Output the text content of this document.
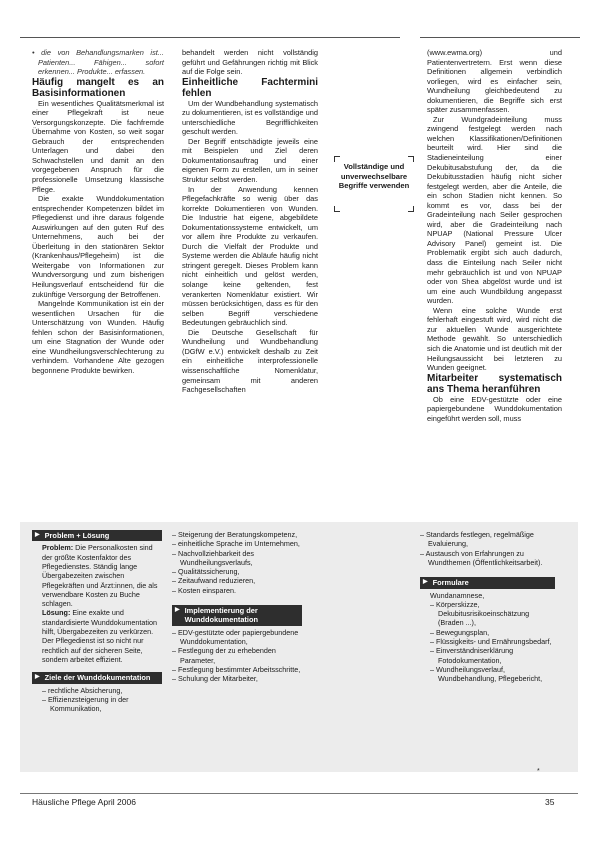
• die von Behandlungsmarken ist... Patienten... Fähigen... sofort erkennen... Produkte... erfassen.

Häufig mangelt es an Basisinformationen

Ein wesentliches Qualitätsmerkmal ist einer Pflegekraft ist neue Versorgungskonzepte. Die fachfremde Übernahme von Kosten, so weit sogar Gebrauch der entsprechenden Unterlagen und dabei den Schwachstellen und damit an den vorgegebenen Anspruch für die professionelle Umsetzung klassische Pflege.

Die exakte Wunddokumentation entsprechender Kompetenzen bildet im Pflegedienst und ihre daraus folgende Auswirkungen auf den guten Ruf des Unternehmens, auch bei der Überleitung in den stationären Sektor (Krankenhaus/Pflegeheim) ist die Weitergabe von Informationen zur Wundversorgung und zum bisherigen Heilungsverlauf entscheidend für die zukünftige Versorgung der Betroffenen.

Mangelnde Kommunikation ist ein der wesentlichen Ursachen für die Unterschätzung von Wunden. Häufig fehlen schon der Basisinformationen, um eine Stagnation der Wunde oder eine Wundheilungsverschlechterung zu verhindern. Vorhandene Alte gezogen begonnene Produkte bewirken.

behandelt werden nicht vollständig geführt und Gefährungen richtig mit Blick auf die Folge sein.

Einheitliche Fachtermini fehlen

Um der Wundbehandlung systematisch zu dokumentieren, ist es vollständige und unterschiedliche Begrifflichkeiten geschult werden.

Der Begriff entschädigte jeweils eine mit Beispielen und Ziel deren Dokumentationsauftrag und einer eigenen Form zu erstellen, um in seiner Struktur selbst werden.

In der Anwendung kennen Pflegefachkräfte so wenig über das korrekte Dokumentieren von Wunden. Die Industrie hat eigene, abgebildete Dokumentationssysteme entwickelt, um vor allem ihre Produkte zu verkaufen. Durch die Vielfalt der Produkte und Systeme werden die Abläufe häufig nicht stringent geregelt. Dieses Problem kann nicht einheitlich und gelöst werden, solange keine geltenden, fest verankerten Nomenklatur existiert. Wir müssen berücksichtigen, dass es für den selben Begriff verschiedene Bedeutungen gebräuchlich sind.

Die Deutsche Gesellschaft für Wundheilung und Wundbehandlung (DGfW e.V.) entwickelt deshalb zu Zeit ein einheitliche interprofessionelle wissenschaftliche Nomenklatur, gemeinsam mit anderen Fachgesellschaften

Vollständige und unverwechselbare Begriffe verwenden

(www.ewma.org) und Patientenvertretern. Erst wenn diese Definitionen allgemein verbindlich vorliegen, wird es einfacher sein, Wundheilung gleichbedeutend zu dokumentieren, die Begriffe sich erst später zusammenfassen.

Zur Wundgradeinteilung muss zwingend festgelegt werden nach welchen Klassifikationen/Definitionen beurteilt wird. Hier sind die Stadieneinteilung einer Dekubitusabstufung der, da die Dekubitusstadien häufig nicht sicher festgelegt werden, aber die Anteile, die ein schon Stadien nicht kennen. So kommt es vor, dass bei der Gradeinteilung nach Seiler gesprochen wird, aber die Gradeinteilung nach NPUAP (National Pressure Ulcer Advisory Panel) gemeint ist. Die Problematik ergibt sich auch dadurch, dass die Einteilung nach Seiler nicht mehr gebräuchlich ist und von NPUAP oder von Shea abgelöst wurde und ist um eine auch Wundbildung angepasst wurden.

Wenn eine solche Wunde erst fehlerhaft eingestuft wird, wird nicht die zur aktuellen Wunde ausgerichtete Methode gewählt. So unterschiedlich sich die Anatomie und ist deutlich mit der Heilungsaussicht bei letzteren zu Wunden geeignet.

Mitarbeiter systematisch ans Thema heranführen

Ob eine EDV-gestützte oder eine papiergebundene Wunddokumentation eingeführt werden soll, muss

▶ Problem + Lösung

Problem: Die Personalkosten sind der größte Kostenfaktor des Pflegedienstes. Ständig lange Übergabezeiten zwischen Pflegekräften und Ärzt:innen, die als verwendbare Kosten zu Buche schlagen.

Lösung: Eine exakte und standardisierte Wunddokumentation hilft, Übergabezeiten zu verkürzen. Der Pflegedienst ist so nicht nur rechtlich auf der sicheren Seite, sondern arbeitet effizient.

▶ Ziele der Wunddokumentation
– rechtliche Absicherung,
– Effizienzsteigerung in der Kommunikation,
– Steigerung der Beratungskompetenz,
– einheitliche Sprache im Unternehmen,
– Nachvollziehbarkeit des Wundheilungsverlaufs,
– Qualitätssicherung,
– Zeitaufwand reduzieren,
– Kosten einsparen.
▶ Implementierung der Wunddokumentation
– EDV-gestützte oder papiergebundene Wunddokumentation,
– Festlegung der zu erhebenden Parameter,
– Festlegung bestimmter Arbeitsschritte,
– Schulung der Mitarbeiter,
– Standards festlegen, regelmäßige Evaluierung,
– Austausch von Erfahrungen zu Wundthemen (Öffentlichkeitsarbeit).
▶ Formulare

Wundanamnese,

– Körperskizze, Dekubitusrisikoeinschätzung (Braden ...),
– Bewegungsplan,
– Flüssigkeits- und Ernährungsbedarf,
– Einverständniserklärung Fotodokumentation,
– Wundheilungsverlauf, Wundbehandlung, Pflegebericht,
*
Häusliche Pflege April 2006	35
